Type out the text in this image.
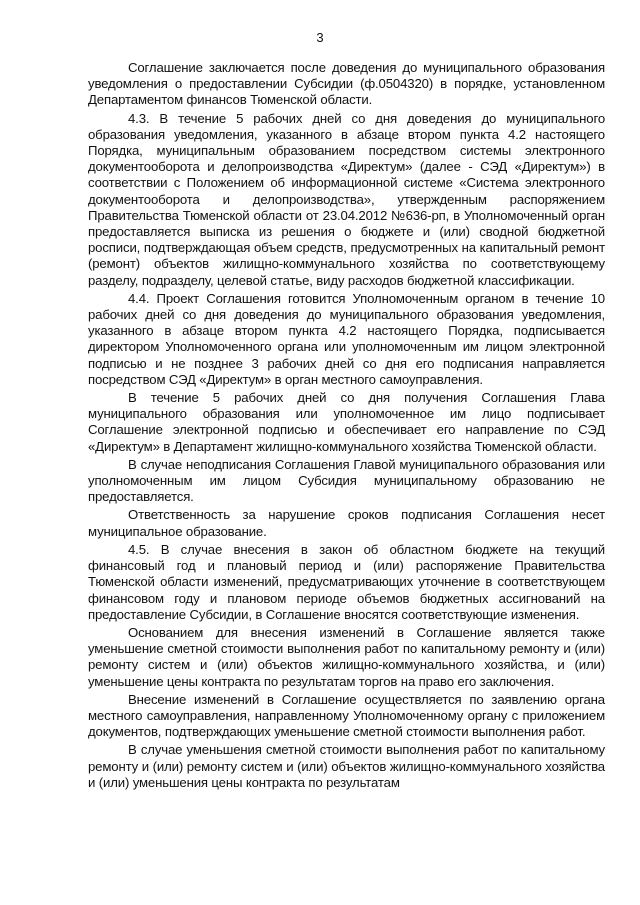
3

Соглашение заключается после доведения до муниципального образования уведомления о предоставлении Субсидии (ф.0504320) в порядке, установленном Департаментом финансов Тюменской области.

4.3. В течение 5 рабочих дней со дня доведения до муниципального образования уведомления, указанного в абзаце втором пункта 4.2 настоящего Порядка, муниципальным образованием посредством системы электронного документооборота и делопроизводства «Директум» (далее - СЭД «Директум») в соответствии с Положением об информационной системе «Система электронного документооборота и делопроизводства», утвержденным распоряжением Правительства Тюменской области от 23.04.2012 №636-рп, в Уполномоченный орган предоставляется выписка из решения о бюджете и (или) сводной бюджетной росписи, подтверждающая объем средств, предусмотренных на капитальный ремонт (ремонт) объектов жилищно-коммунального хозяйства по соответствующему разделу, подразделу, целевой статье, виду расходов бюджетной классификации.

4.4. Проект Соглашения готовится Уполномоченным органом в течение 10 рабочих дней со дня доведения до муниципального образования уведомления, указанного в абзаце втором пункта 4.2 настоящего Порядка, подписывается директором Уполномоченного органа или уполномоченным им лицом электронной подписью и не позднее 3 рабочих дней со дня его подписания направляется посредством СЭД «Директум» в орган местного самоуправления.

В течение 5 рабочих дней со дня получения Соглашения Глава муниципального образования или уполномоченное им лицо подписывает Соглашение электронной подписью и обеспечивает его направление по СЭД «Директум» в Департамент жилищно-коммунального хозяйства Тюменской области.

В случае неподписания Соглашения Главой муниципального образования или уполномоченным им лицом Субсидия муниципальному образованию не предоставляется.

Ответственность за нарушение сроков подписания Соглашения несет муниципальное образование.

4.5. В случае внесения в закон об областном бюджете на текущий финансовый год и плановый период и (или) распоряжение Правительства Тюменской области изменений, предусматривающих уточнение в соответствующем финансовом году и плановом периоде объемов бюджетных ассигнований на предоставление Субсидии, в Соглашение вносятся соответствующие изменения.

Основанием для внесения изменений в Соглашение является также уменьшение сметной стоимости выполнения работ по капитальному ремонту и (или) ремонту систем и (или) объектов жилищно-коммунального хозяйства, и (или) уменьшение цены контракта по результатам торгов на право его заключения.

Внесение изменений в Соглашение осуществляется по заявлению органа местного самоуправления, направленному Уполномоченному органу с приложением документов, подтверждающих уменьшение сметной стоимости выполнения работ.

В случае уменьшения сметной стоимости выполнения работ по капитальному ремонту и (или) ремонту систем и (или) объектов жилищно-коммунального хозяйства и (или) уменьшения цены контракта по результатам
